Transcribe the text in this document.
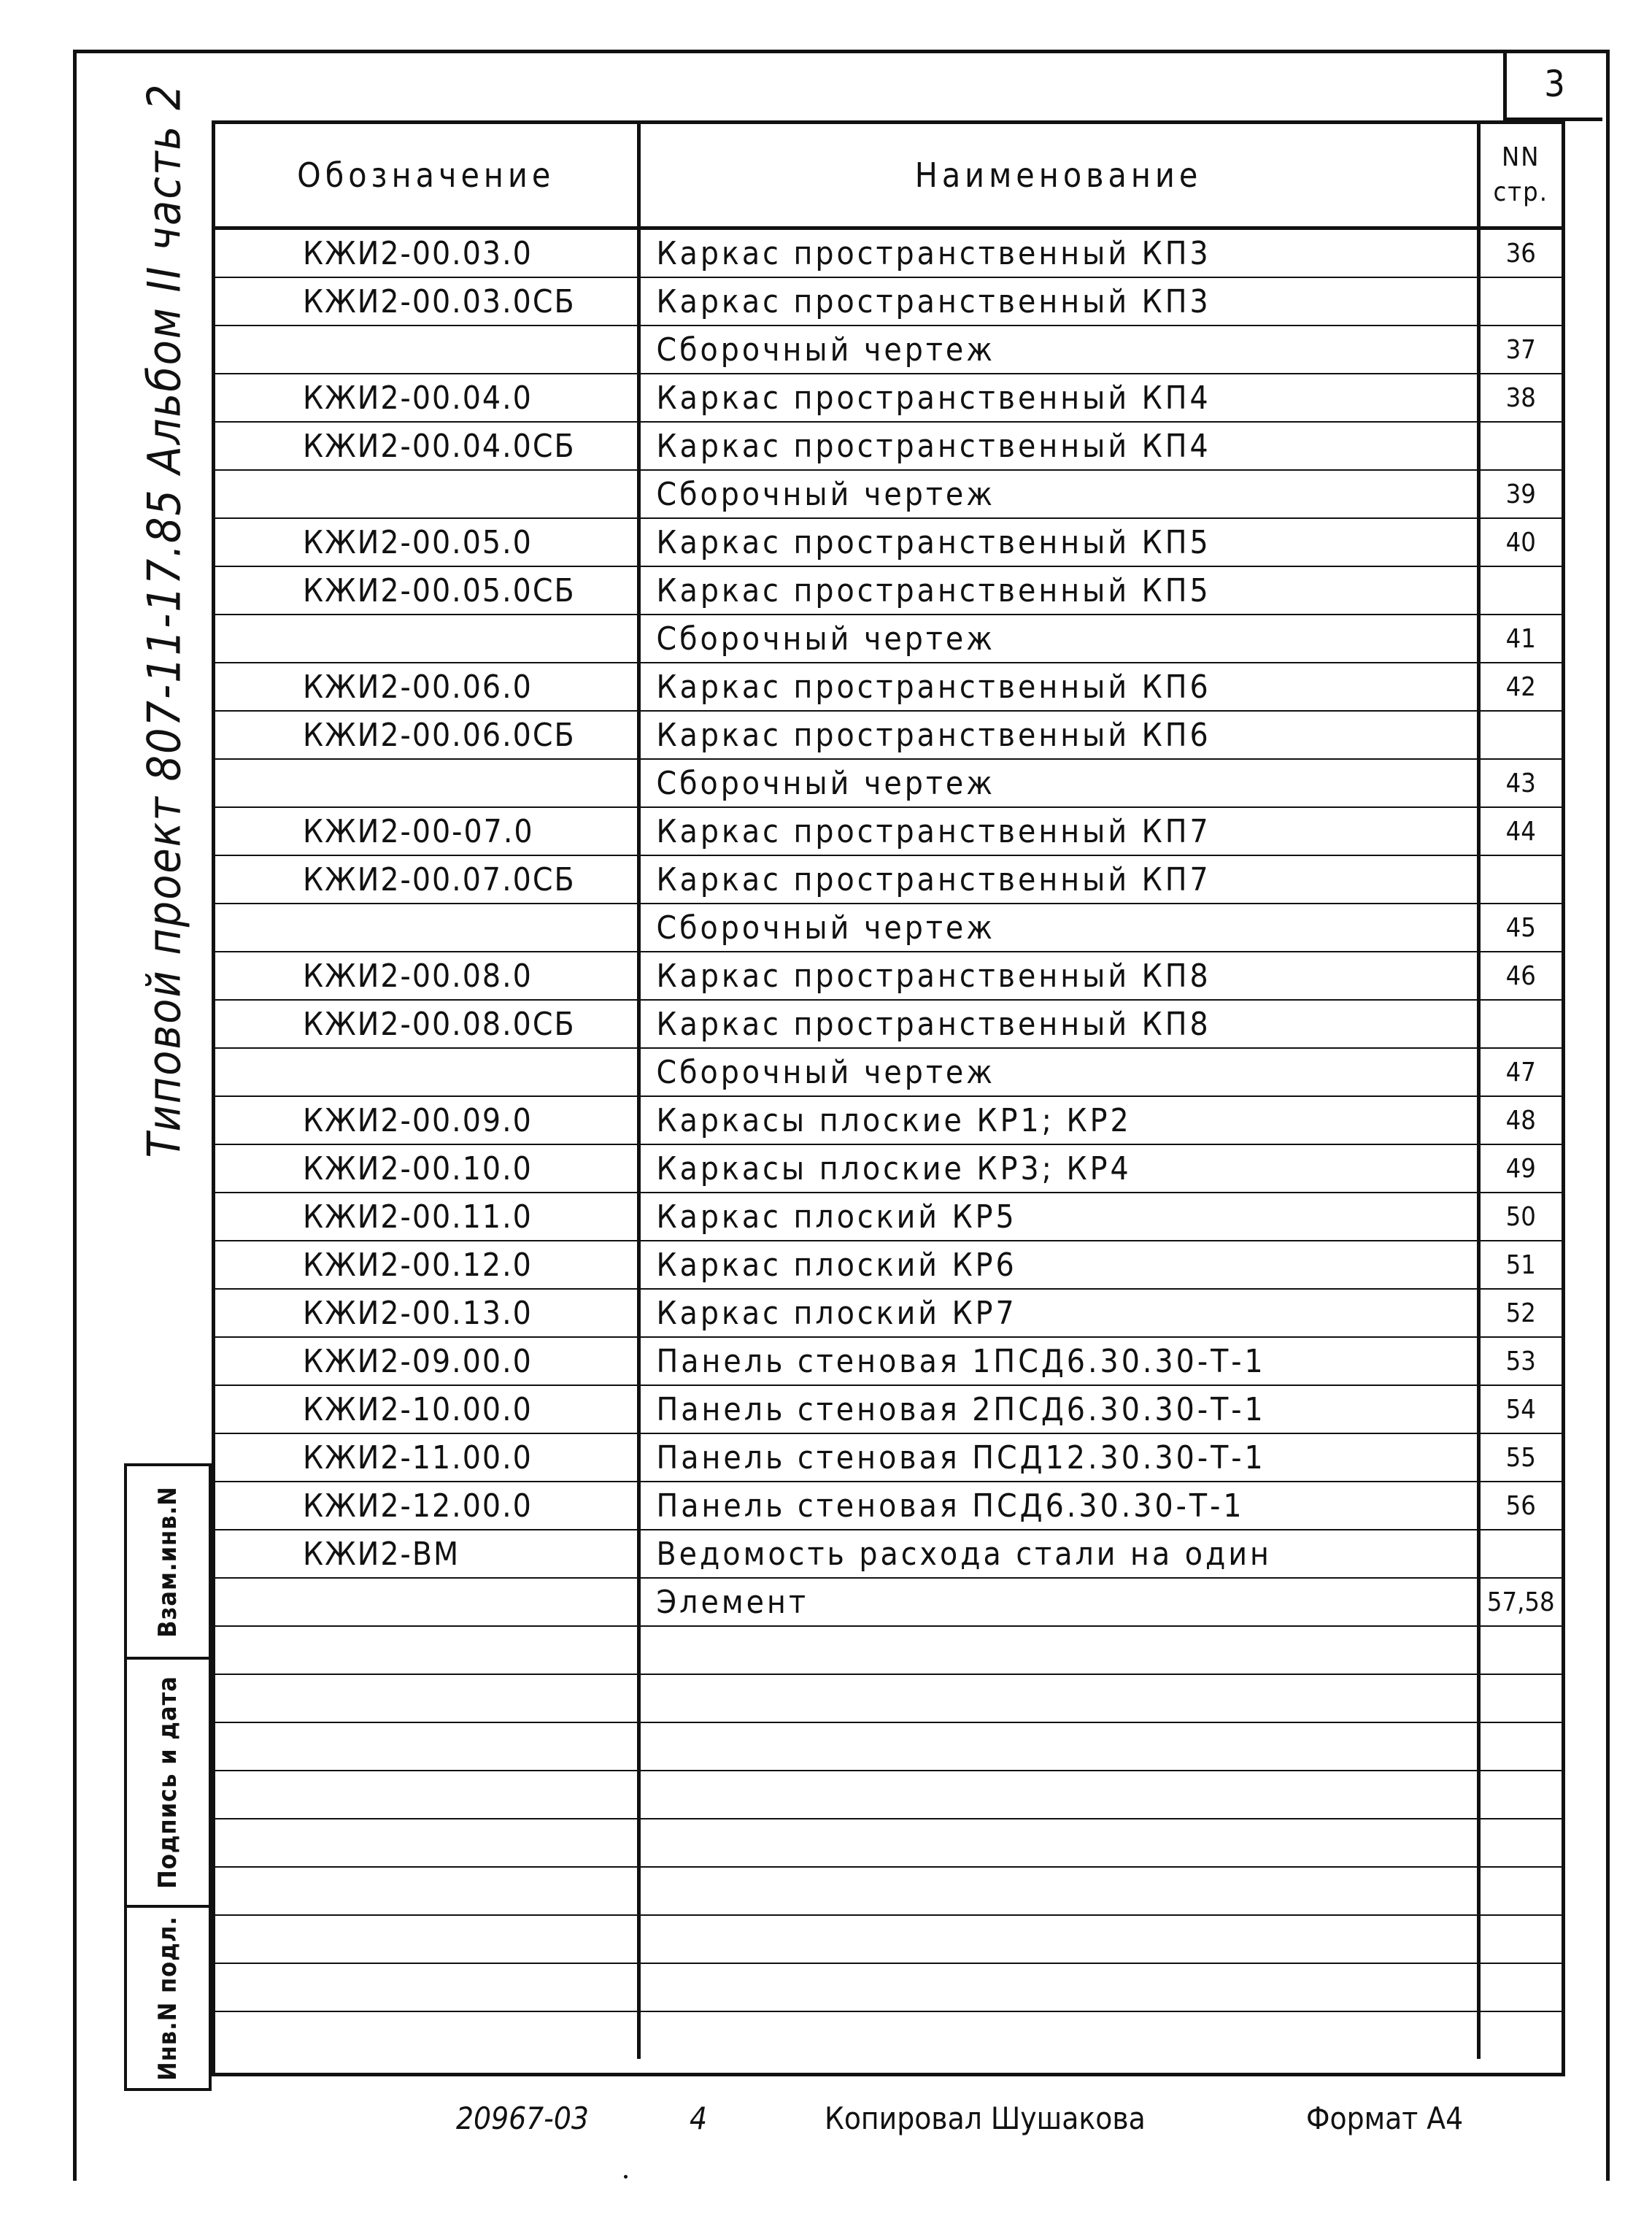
3
Типовой проект 807-11-17.85 Альбом II часть 2
Взам.инв.N
Подпись и дата
Инв.N подл.
Обозначение	Наименование	NN
стр.

КЖИ2-00.03.0	Каркас пространственный КП3	36
КЖИ2-00.03.0СБ	Каркас пространственный КП3	
	Сборочный чертеж	37
КЖИ2-00.04.0	Каркас пространственный КП4	38
КЖИ2-00.04.0СБ	Каркас пространственный КП4	
	Сборочный чертеж	39
КЖИ2-00.05.0	Каркас пространственный КП5	40
КЖИ2-00.05.0СБ	Каркас пространственный КП5	
	Сборочный чертеж	41
КЖИ2-00.06.0	Каркас пространственный КП6	42
КЖИ2-00.06.0СБ	Каркас пространственный КП6	
	Сборочный чертеж	43
КЖИ2-00-07.0	Каркас пространственный КП7	44
КЖИ2-00.07.0СБ	Каркас пространственный КП7	
	Сборочный чертеж	45
КЖИ2-00.08.0	Каркас пространственный КП8	46
КЖИ2-00.08.0СБ	Каркас пространственный КП8	
	Сборочный чертеж	47
КЖИ2-00.09.0	Каркасы плоские КР1; КР2	48
КЖИ2-00.10.0	Каркасы плоские КР3; КР4	49
КЖИ2-00.11.0	Каркас плоский КР5	50
КЖИ2-00.12.0	Каркас плоский КР6	51
КЖИ2-00.13.0	Каркас плоский КР7	52
КЖИ2-09.00.0	Панель стеновая 1ПСД6.30.30-Т-1	53
КЖИ2-10.00.0	Панель стеновая 2ПСД6.30.30-Т-1	54
КЖИ2-11.00.0	Панель стеновая ПСД12.30.30-Т-1	55
КЖИ2-12.00.0	Панель стеновая ПСД6.30.30-Т-1	56
КЖИ2-ВМ	Ведомость расхода стали на один	
	Элемент	57,58

20967-03	4	Копировал Шушакова	Формат А4
